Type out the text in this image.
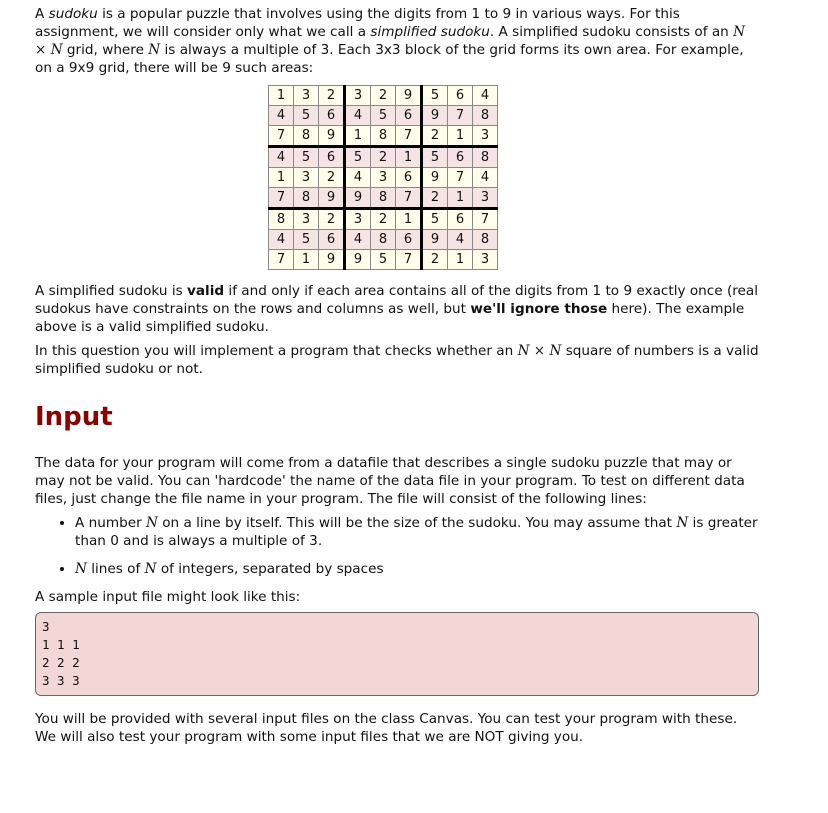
A sudoku is a popular puzzle that involves using the digits from 1 to 9 in various ways. For this assignment, we will consider only what we call a simplified sudoku. A simplified sudoku consists of an N × N grid, where N is always a multiple of 3. Each 3x3 block of the grid forms its own area. For example, on a 9x9 grid, there will be 9 such areas:

1	3	2	3	2	9	5	6	4
4	5	6	4	5	6	9	7	8
7	8	9	1	8	7	2	1	3
4	5	6	5	2	1	5	6	8
1	3	2	4	3	6	9	7	4
7	8	9	9	8	7	2	1	3
8	3	2	3	2	1	5	6	7
4	5	6	4	8	6	9	4	8
7	1	9	9	5	7	2	1	3

A simplified sudoku is valid if and only if each area contains all of the digits from 1 to 9 exactly once (real sudokus have constraints on the rows and columns as well, but we'll ignore those here). The example above is a valid simplified sudoku.

In this question you will implement a program that checks whether an N × N square of numbers is a valid simplified sudoku or not.

Input

The data for your program will come from a datafile that describes a single sudoku puzzle that may or may not be valid. You can 'hardcode' the name of the data file in your program. To test on different data files, just change the file name in your program. The file will consist of the following lines:

• A number N on a line by itself. This will be the size of the sudoku. You may assume that N is greater than 0 and is always a multiple of 3.
• N lines of N of integers, separated by spaces

A sample input file might look like this:

3
1 1 1
2 2 2
3 3 3

You will be provided with several input files on the class Canvas. You can test your program with these. We will also test your program with some input files that we are NOT giving you.
